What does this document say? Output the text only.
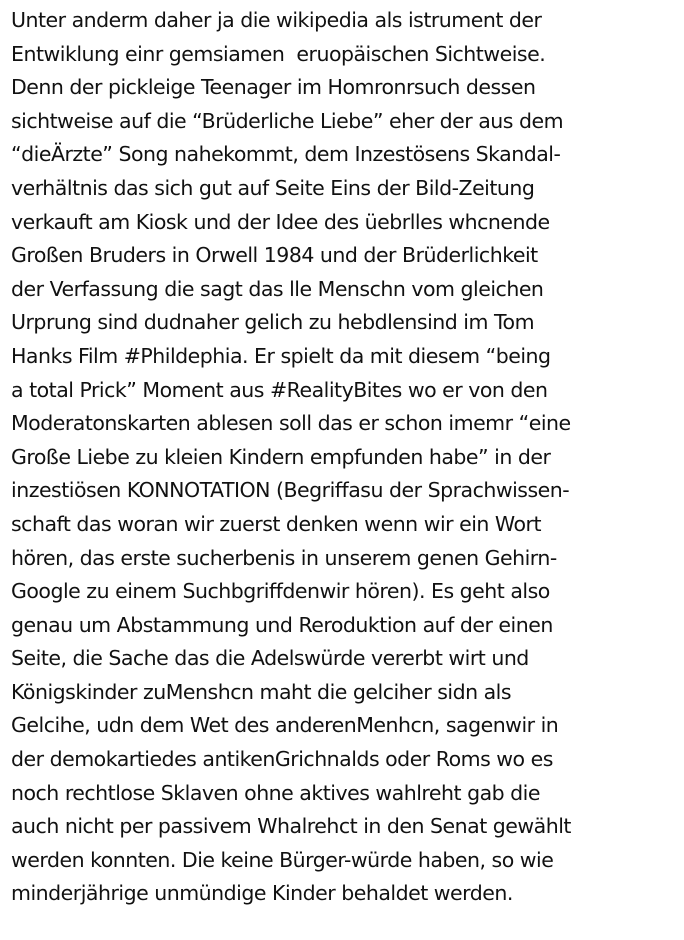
Unter anderm daher ja die wikipedia als istrument der
Entwiklung einr gemsiamen  eruopäischen Sichtweise.
Denn der pickleige Teenager im Homronrsuch dessen
sichtweise auf die “Brüderliche Liebe” eher der aus dem
“dieÄrzte” Song nahekommt, dem Inzestösens Skandal-
verhältnis das sich gut auf Seite Eins der Bild-Zeitung
verkauft am Kiosk und der Idee des üebrlles whcnende
Großen Bruders in Orwell 1984 und der Brüderlichkeit
der Verfassung die sagt das lle Menschn vom gleichen
Urprung sind dudnaher gelich zu hebdlensind im Tom
Hanks Film #Phildephia. Er spielt da mit diesem “being
a total Prick” Moment aus #RealityBites wo er von den
Moderatonskarten ablesen soll das er schon imemr “eine
Große Liebe zu kleien Kindern empfunden habe” in der
inzestiösen KONNOTATION (Begriffasu der Sprachwissen-
schaft das woran wir zuerst denken wenn wir ein Wort
hören, das erste sucherbenis in unserem genen Gehirn-
Google zu einem Suchbgriffdenwir hören). Es geht also
genau um Abstammung und Reroduktion auf der einen
Seite, die Sache das die Adelswürde vererbt wirt und
Königskinder zuMenshcn maht die gelciher sidn als
Gelcihe, udn dem Wet des anderenMenhcn, sagenwir in
der demokartiedes antikenGrichnalds oder Roms wo es
noch rechtlose Sklaven ohne aktives wahlreht gab die
auch nicht per passivem Whalrehct in den Senat gewählt
werden konnten. Die keine Bürger-würde haben, so wie
minderjährige unmündige Kinder behaldet werden.
